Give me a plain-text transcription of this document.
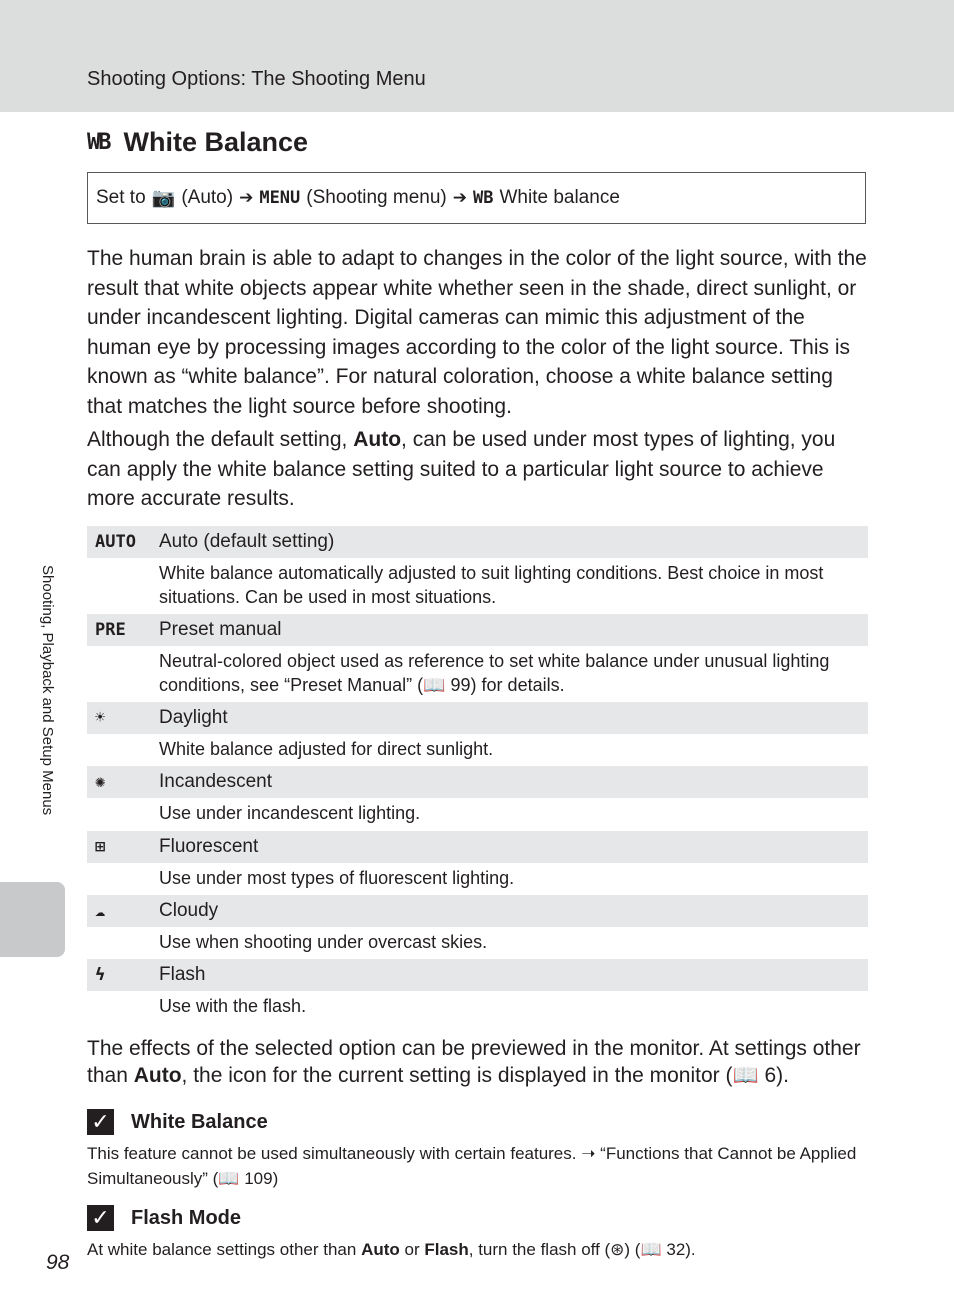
Shooting Options: The Shooting Menu
Shooting, Playback and Setup Menus
WB White Balance
Set to 📷 (Auto) ➔ MENU (Shooting menu) ➔ WB White balance

The human brain is able to adapt to changes in the color of the light source, with the result that white objects appear white whether seen in the shade, direct sunlight, or under incandescent lighting. Digital cameras can mimic this adjustment of the human eye by processing images according to the color of the light source. This is known as “white balance”. For natural coloration, choose a white balance setting that matches the light source before shooting.

Although the default setting, Auto, can be used under most types of lighting, you can apply the white balance setting suited to a particular light source to achieve more accurate results.

AUTO	Auto (default setting)
White balance automatically adjusted to suit lighting conditions. Best choice in most situations. Can be used in most situations.
PRE	Preset manual
Neutral-colored object used as reference to set white balance under unusual lighting conditions, see “Preset Manual” (📖 99) for details.
☀	Daylight
White balance adjusted for direct sunlight.
✺	Incandescent
Use under incandescent lighting.
⊞	Fluorescent
Use under most types of fluorescent lighting.
☁	Cloudy
Use when shooting under overcast skies.
ϟ	Flash
Use with the flash.

The effects of the selected option can be previewed in the monitor. At settings other than Auto, the icon for the current setting is displayed in the monitor (📖 6).

✓ White Balance

This feature cannot be used simultaneously with certain features. ➝ “Functions that Cannot be Applied Simultaneously” (📖 109)

✓ Flash Mode

At white balance settings other than Auto or Flash, turn the flash off (⊛) (📖 32).

98
